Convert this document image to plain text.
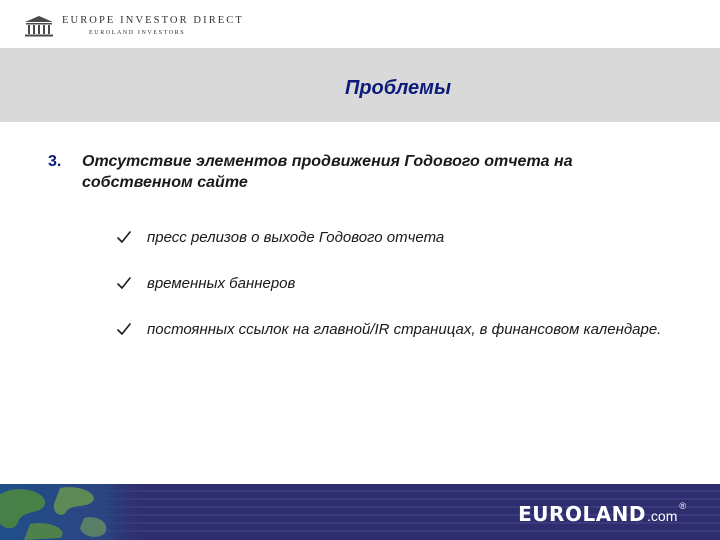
EUROPE INVESTOR DIRECT
EUROLAND INVESTORS
Проблемы
3.	Отсутствие элементов продвижения Годового отчета на собственном сайте
пресс релизов о выходе Годового отчета
временных баннеров
постоянных ссылок на главной/IR страницах, в финансовом календаре.
EUROLAND .com
®
